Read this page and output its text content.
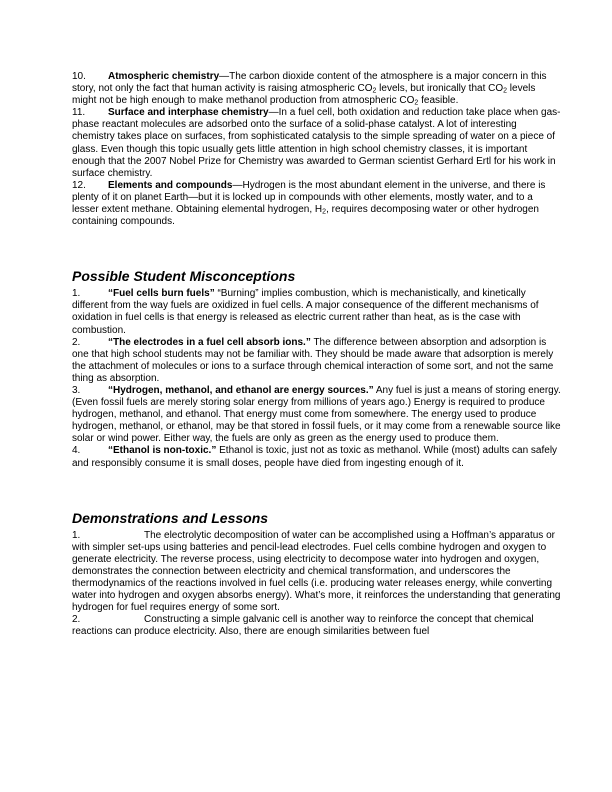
10. Atmospheric chemistry—The carbon dioxide content of the atmosphere is a major concern in this story, not only the fact that human activity is raising atmospheric $CO_2$ levels, but ironically that $CO_2$ levels might not be high enough to make methanol production from atmospheric $CO_2$ feasible.

11. Surface and interphase chemistry—In a fuel cell, both oxidation and reduction take place when gas-phase reactant molecules are adsorbed onto the surface of a solid-phase catalyst. A lot of interesting chemistry takes place on surfaces, from sophisticated catalysis to the simple spreading of water on a piece of glass. Even though this topic usually gets little attention in high school chemistry classes, it is important enough that the 2007 Nobel Prize for Chemistry was awarded to German scientist Gerhard Ertl for his work in surface chemistry.

12. Elements and compounds—Hydrogen is the most abundant element in the universe, and there is plenty of it on planet Earth—but it is locked up in compounds with other elements, mostly water, and to a lesser extent methane. Obtaining elemental hydrogen, $H_2$, requires decomposing water or other hydrogen containing compounds.

Possible Student Misconceptions

1.	“Fuel cells burn fuels” “Burning” implies combustion, which is mechanistically, and kinetically different from the way fuels are oxidized in fuel cells. A major consequence of the different mechanisms of oxidation in fuel cells is that energy is released as electric current rather than heat, as is the case with combustion.

2.	“The electrodes in a fuel cell absorb ions.” The difference between absorption and adsorption is one that high school students may not be familiar with. They should be made aware that adsorption is merely the attachment of molecules or ions to a surface through chemical interaction of some sort, and not the same thing as absorption.

3.	“Hydrogen, methanol, and ethanol are energy sources.” Any fuel is just a means of storing energy. (Even fossil fuels are merely storing solar energy from millions of years ago.) Energy is required to produce hydrogen, methanol, and ethanol. That energy must come from somewhere. The energy used to produce hydrogen, methanol, or ethanol, may be that stored in fossil fuels, or it may come from a renewable source like solar or wind power. Either way, the fuels are only as green as the energy used to produce them.

4.	“Ethanol is non-toxic.” Ethanol is toxic, just not as toxic as methanol. While (most) adults can safely and responsibly consume it is small doses, people have died from ingesting enough of it.

Demonstrations and Lessons

1.	The electrolytic decomposition of water can be accomplished using a Hoffman’s apparatus or with simpler set-ups using batteries and pencil-lead electrodes. Fuel cells combine hydrogen and oxygen to generate electricity. The reverse process, using electricity to decompose water into hydrogen and oxygen, demonstrates the connection between electricity and chemical transformation, and underscores the thermodynamics of the reactions involved in fuel cells (i.e. producing water releases energy, while converting water into hydrogen and oxygen absorbs energy). What’s more, it reinforces the understanding that generating hydrogen for fuel requires energy of some sort.

2.	Constructing a simple galvanic cell is another way to reinforce the concept that chemical reactions can produce electricity. Also, there are enough similarities between fuel
